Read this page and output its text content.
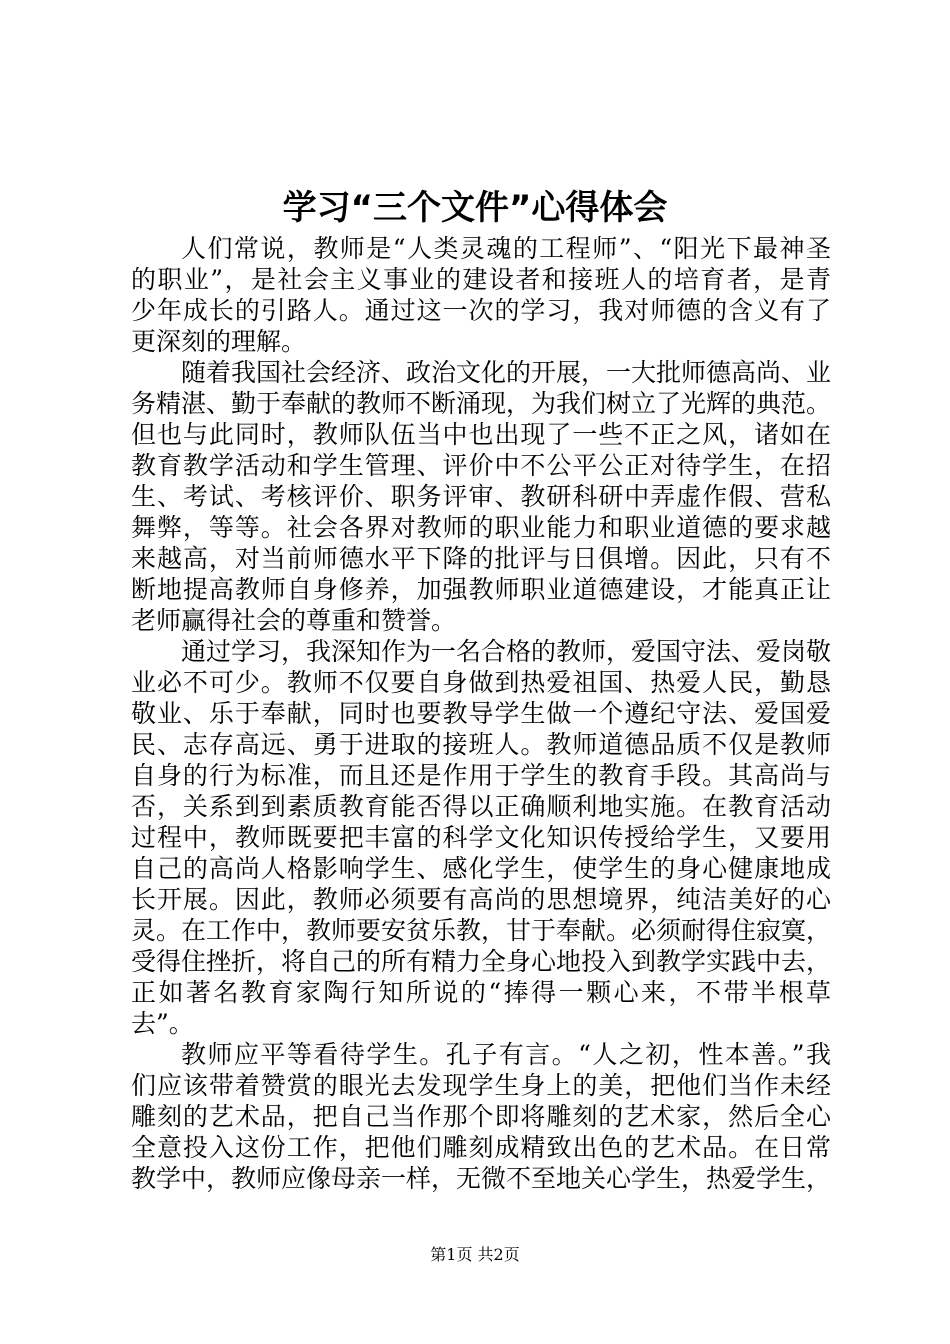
学习“三个文件”心得体会
人们常说，教师是“人类灵魂的工程师”、“阳光下最神圣
的职业”，是社会主义事业的建设者和接班人的培育者，是青
少年成长的引路人。通过这一次的学习，我对师德的含义有了
更深刻的理解。
随着我国社会经济、政治文化的开展，一大批师德高尚、业
务精湛、勤于奉献的教师不断涌现，为我们树立了光辉的典范。
但也与此同时，教师队伍当中也出现了一些不正之风，诸如在
教育教学活动和学生管理、评价中不公平公正对待学生，在招
生、考试、考核评价、职务评审、教研科研中弄虚作假、营私
舞弊，等等。社会各界对教师的职业能力和职业道德的要求越
来越高，对当前师德水平下降的批评与日俱增。因此，只有不
断地提高教师自身修养，加强教师职业道德建设，才能真正让
老师赢得社会的尊重和赞誉。
通过学习，我深知作为一名合格的教师，爱国守法、爱岗敬
业必不可少。教师不仅要自身做到热爱祖国、热爱人民，勤恳
敬业、乐于奉献，同时也要教导学生做一个遵纪守法、爱国爱
民、志存高远、勇于进取的接班人。教师道德品质不仅是教师
自身的行为标准，而且还是作用于学生的教育手段。其高尚与
否，关系到到素质教育能否得以正确顺利地实施。在教育活动
过程中，教师既要把丰富的科学文化知识传授给学生，又要用
自己的高尚人格影响学生、感化学生，使学生的身心健康地成
长开展。因此，教师必须要有高尚的思想境界，纯洁美好的心
灵。在工作中，教师要安贫乐教，甘于奉献。必须耐得住寂寞，
受得住挫折，将自己的所有精力全身心地投入到教学实践中去，
正如著名教育家陶行知所说的“捧得一颗心来，不带半根草
去”。
教师应平等看待学生。孔子有言。“人之初，性本善。”我
们应该带着赞赏的眼光去发现学生身上的美，把他们当作未经
雕刻的艺术品，把自己当作那个即将雕刻的艺术家，然后全心
全意投入这份工作，把他们雕刻成精致出色的艺术品。在日常
教学中，教师应像母亲一样，无微不至地关心学生，热爱学生，
第1页 共2页
